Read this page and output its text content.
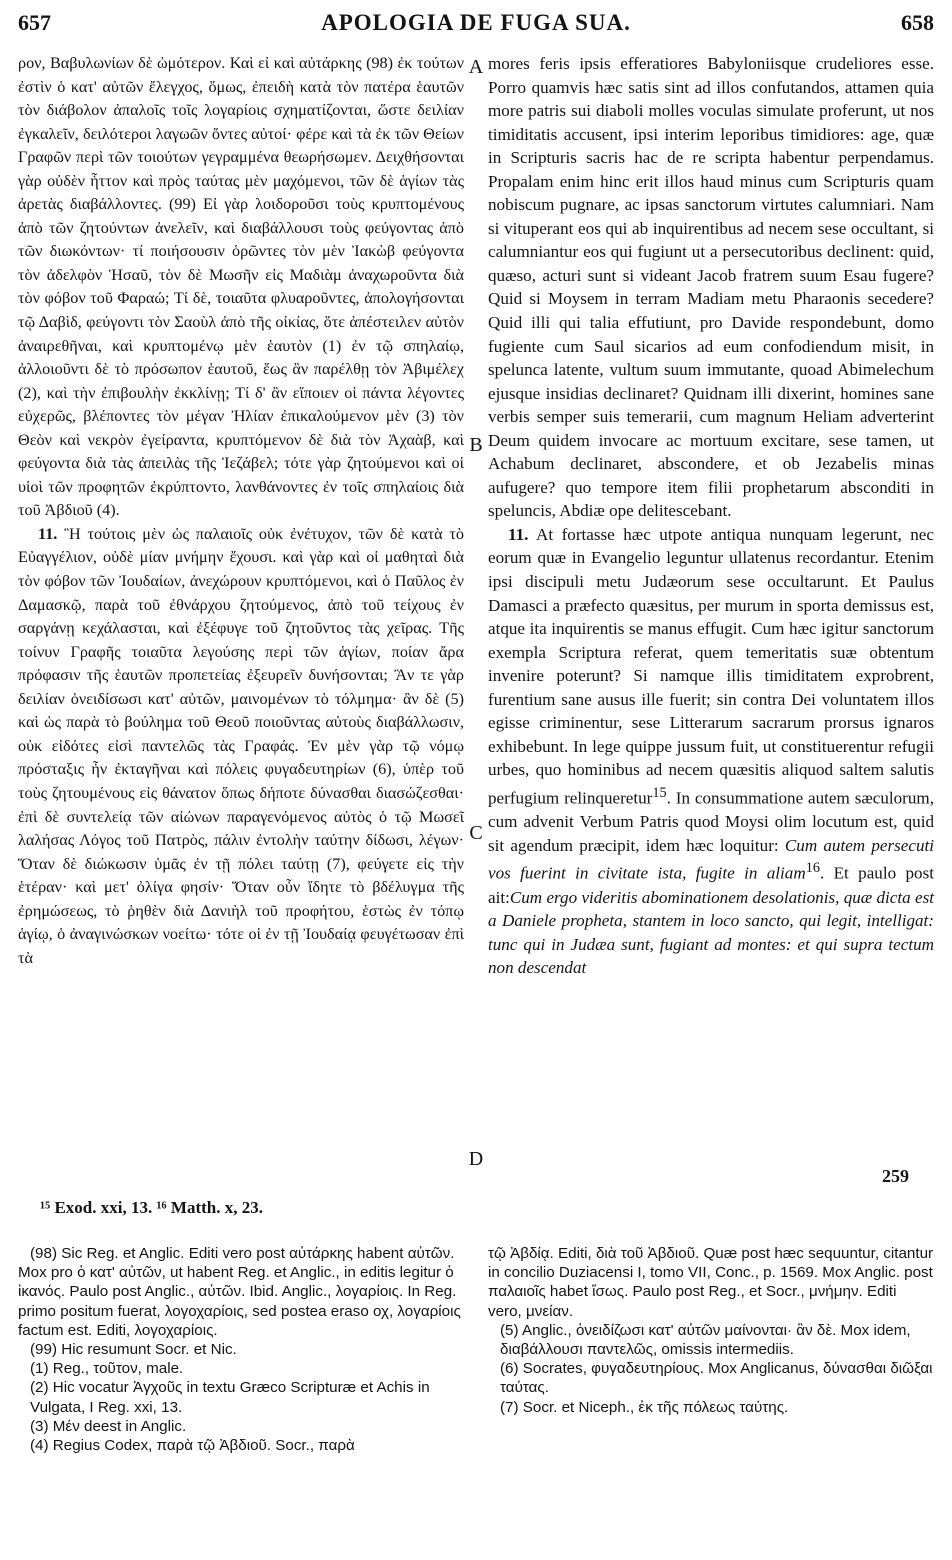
657	APOLOGIA DE FUGA SUA.	658

ρον, Βαβυλωνίων δὲ ὠμότερον. Καὶ εἰ καὶ αὐτάρκης (98) ἐκ τούτων ἐστὶν ὁ κατ' αὐτῶν ἔλεγχος, ὅμως, ἐπειδὴ κατὰ τὸν πατέρα ἑαυτῶν τὸν διάβολον ἀπαλοῖς τοῖς λογαρίοις σχηματίζονται, ὥστε δειλίαν ἐγκαλεῖν, δειλότεροι λαγωῶν ὄντες αὐτοί· φέρε καὶ τὰ ἐκ τῶν Θείων Γραφῶν περὶ τῶν τοιούτων γεγραμμένα θεωρήσωμεν. Δειχθήσονται γὰρ οὐδὲν ἧττον καὶ πρὸς ταύτας μὲν μαχόμενοι, τῶν δὲ ἁγίων τὰς ἀρετὰς διαβάλλοντες. (99) Εἰ γὰρ λοιδοροῦσι τοὺς κρυπτομένους ἀπὸ τῶν ζητούντων ἀνελεῖν, καὶ διαβάλλουσι τοὺς φεύγοντας ἀπὸ τῶν διωκόντων· τί ποιήσουσιν ὁρῶντες τὸν μὲν Ἰακὼβ φεύγοντα τὸν ἀδελφὸν Ἡσαῦ, τὸν δὲ Μωσῆν εἰς Μαδιὰμ ἀναχωροῦντα διὰ τὸν φόβον τοῦ Φαραώ; Τί δὲ, τοιαῦτα φλυαροῦντες, ἀπολογήσονται τῷ Δαβὶδ, φεύγοντι τὸν Σαοὺλ ἀπὸ τῆς οἰκίας, ὅτε ἀπέστειλεν αὐτὸν ἀναιρεθῆναι, καὶ κρυπτομένῳ μὲν ἑαυτὸν (1) ἐν τῷ σπηλαίῳ, ἀλλοιοῦντι δὲ τὸ πρόσωπον ἑαυτοῦ, ἕως ἂν παρέλθῃ τὸν Ἀβιμέλεχ (2), καὶ τὴν ἐπιβουλὴν ἐκκλίνῃ; Τί δ' ἂν εἴποιεν οἱ πάντα λέγοντες εὐχερῶς, βλέποντες τὸν μέγαν Ἠλίαν ἐπικαλούμενον μὲν (3) τὸν Θεὸν καὶ νεκρὸν ἐγείραντα, κρυπτόμενον δὲ διὰ τὸν Ἀχαὰβ, καὶ φεύγοντα διὰ τὰς ἀπειλὰς τῆς Ἰεζάβελ; τότε γὰρ ζητούμενοι καὶ οἱ υἱοὶ τῶν προφητῶν ἐκρύπτοντο, λανθάνοντες ἐν τοῖς σπηλαίοις διὰ τοῦ Ἀβδιοῦ (4).

11. Ἢ τούτοις μὲν ὡς παλαιοῖς οὐκ ἐνέτυχον, τῶν δὲ κατὰ τὸ Εὐαγγέλιον, οὐδὲ μίαν μνήμην ἔχουσι. καὶ γὰρ καὶ οἱ μαθηταὶ διὰ τὸν φόβον τῶν Ἰουδαίων, ἀνεχώρουν κρυπτόμενοι, καὶ ὁ Παῦλος ἐν Δαμασκῷ, παρὰ τοῦ ἐθνάρχου ζητούμενος, ἀπὸ τοῦ τείχους ἐν σαργάνῃ κεχάλασται, καὶ ἐξέφυγε τοῦ ζητοῦντος τὰς χεῖρας. Τῆς τοίνυν Γραφῆς τοιαῦτα λεγούσης περὶ τῶν ἁγίων, ποίαν ἄρα πρόφασιν τῆς ἑαυτῶν προπετείας ἐξευρεῖν δυνήσονται; Ἂν τε γὰρ δειλίαν ὀνειδίσωσι κατ' αὐτῶν, μαινομένων τὸ τόλμημα· ἂν δὲ (5) καὶ ὡς παρὰ τὸ βούλημα τοῦ Θεοῦ ποιοῦντας αὐτοὺς διαβάλλωσιν, οὐκ εἰδότες εἰσὶ παντελῶς τὰς Γραφάς. Ἐν μὲν γὰρ τῷ νόμῳ πρόσταξις ἦν ἐκταγῆναι καὶ πόλεις φυγαδευτηρίων (6), ὑπὲρ τοῦ τοὺς ζητουμένους εἰς θάνατον ὅπως δήποτε δύνασθαι διασώζεσθαι· ἐπὶ δὲ συντελείᾳ τῶν αἰώνων παραγενόμενος αὐτὸς ὁ τῷ Μωσεῖ λαλήσας Λόγος τοῦ Πατρὸς, πάλιν ἐντολὴν ταύτην δίδωσι, λέγων· Ὅταν δὲ διώκωσιν ὑμᾶς ἐν τῇ πόλει ταύτῃ (7), φεύγετε εἰς τὴν ἑτέραν· καὶ μετ' ὀλίγα φησίν· Ὅταν οὖν ἴδητε τὸ βδέλυγμα τῆς ἐρημώσεως, τὸ ῥηθὲν διὰ Δανιὴλ τοῦ προφήτου, ἑστὼς ἐν τόπῳ ἁγίῳ, ὁ ἀναγινώσκων νοείτω· τότε οἱ ἐν τῇ Ἰουδαίᾳ φευγέτωσαν ἐπὶ τὰ

A
B
C
D

mores feris ipsis efferatiores Babyloniisque crudeliores esse. Porro quamvis hæc satis sint ad illos confutandos, attamen quia more patris sui diaboli molles voculas simulate proferunt, ut nos timiditatis accusent, ipsi interim leporibus timidiores: age, quæ in Scripturis sacris hac de re scripta habentur perpendamus. Propalam enim hinc erit illos haud minus cum Scripturis quam nobiscum pugnare, ac ipsas sanctorum virtutes calumniari. Nam si vituperant eos qui ab inquirentibus ad necem sese occultant, si calumniantur eos qui fugiunt ut a persecutoribus declinent: quid, quæso, acturi sunt si videant Jacob fratrem suum Esau fugere? Quid si Moysem in terram Madiam metu Pharaonis secedere? Quid illi qui talia effutiunt, pro Davide respondebunt, domo fugiente cum Saul sicarios ad eum confodiendum misit, in spelunca latente, vultum suum immutante, quoad Abimelechum ejusque insidias declinaret? Quidnam illi dixerint, homines sane verbis semper suis temerarii, cum magnum Heliam adverterint Deum quidem invocare ac mortuum excitare, sese tamen, ut Achabum declinaret, abscondere, et ob Jezabelis minas aufugere? quo tempore item filii prophetarum absconditi in speluncis, Abdiæ ope delitescebant.

11. At fortasse hæc utpote antiqua nunquam legerunt, nec eorum quæ in Evangelio leguntur ullatenus recordantur. Etenim ipsi discipuli metu Judæorum sese occultarunt. Et Paulus Damasci a præfecto quæsitus, per murum in sporta demissus est, atque ita inquirentis se manus effugit. Cum hæc igitur sanctorum exempla Scriptura referat, quem temeritatis suæ obtentum invenire poterunt? Si namque illis timiditatem exprobrent, furentium sane ausus ille fuerit; sin contra Dei voluntatem illos egisse criminentur, sese Litterarum sacrarum prorsus ignaros exhibebunt. In lege quippe jussum fuit, ut constituerentur refugii urbes, quo hominibus ad necem quæsitis aliquod saltem salutis perfugium relinqueretur$^{15}$. In consummatione autem sæculorum, cum advenit Verbum Patris quod Moysi olim locutum est, quid sit agendum præcipit, idem hæc loquitur: Cum autem persecuti vos fuerint in civitate ista, fugite in aliam$^{16}$. Et paulo post ait:Cum ergo videritis abominationem desolationis, quæ dicta est a Daniele propheta, stantem in loco sancto, qui legit, intelligat: tunc qui in Judæa sunt, fugiant ad montes: et qui supra tectum non descendat

¹⁵ Exod. xxi, 13. ¹⁶ Matth. x, 23.
259

(98) Sic Reg. et Anglic. Editi vero post αὐτάρκης habent αὐτῶν. Mox pro ὁ κατ' αὐτῶν, ut habent Reg. et Anglic., in editis legitur ὁ ἱκανός. Paulo post Anglic., αὐτῶν. Ibid. Anglic., λογαρίοις. In Reg. primo positum fuerat, λογοχαρίοις, sed postea eraso οχ, λογαρίοις factum est. Editi, λογοχαρίοις.

(99) Hic resumunt Socr. et Nic.

(1) Reg., τοῦτον, male.

(2) Hic vocatur Ἀγχοῦς in textu Græco Scripturæ et Achis in Vulgata, I Reg. xxi, 13.

(3) Μέν deest in Anglic.

(4) Regius Codex, παρὰ τῷ Ἀβδιοῦ. Socr., παρὰ

τῷ Ἀβδίᾳ. Editi, διὰ τοῦ Ἀβδιοῦ. Quæ post hæc sequuntur, citantur in concilio Duziacensi I, tomo VII, Conc., p. 1569. Mox Anglic. post παλαιοῖς habet ἴσως. Paulo post Reg., et Socr., μνήμην. Editi vero, μνείαν.

(5) Anglic., ὀνειδίζωσι κατ' αὐτῶν μαίνονται· ἂν δὲ. Mox idem, διαβάλλουσι παντελῶς, omissis intermediis.

(6) Socrates, φυγαδευτηρίους. Mox Anglicanus, δύνασθαι διῶξαι ταύτας.

(7) Socr. et Niceph., ἐκ τῆς πόλεως ταύτης.
